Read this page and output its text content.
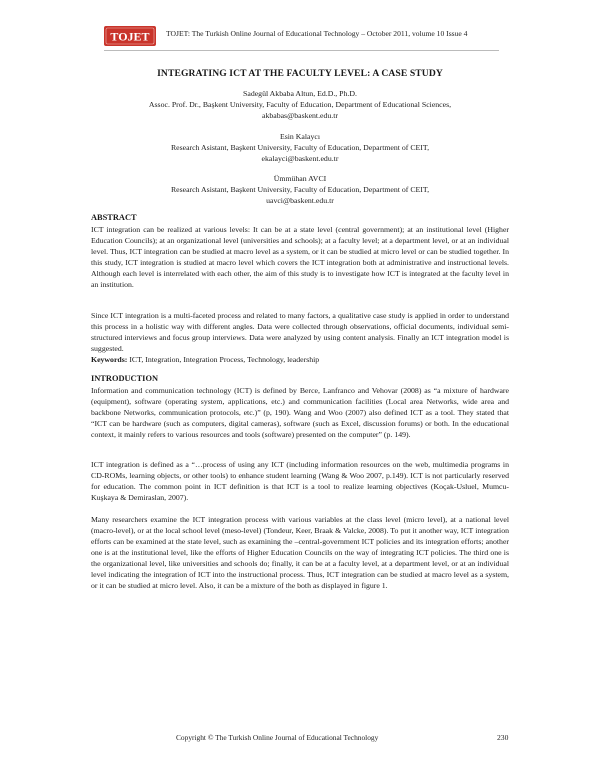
TOJET TOJET: The Turkish Online Journal of Educational Technology – October 2011, volume 10 Issue 4
INTEGRATING ICT AT THE FACULTY LEVEL: A CASE STUDY
Sadegül Akbaba Altun, Ed.D., Ph.D.
Assoc. Prof. Dr., Başkent University, Faculty of Education, Department of Educational Sciences,
akbabas@baskent.edu.tr
Esin Kalaycı
Research Asistant, Başkent University, Faculty of Education, Department of CEIT,
ekalayci@baskent.edu.tr
Ümmühan AVCI
Research Asistant, Başkent University, Faculty of Education, Department of CEIT,
uavci@baskent.edu.tr
ABSTRACT
ICT integration can be realized at various levels: It can be at a state level (central government); at an institutional level (Higher Education Councils); at an organizational level (universities and schools); at a faculty level; at a department level, or at an individual level. Thus, ICT integration can be studied at macro level as a system, or it can be studied at micro level or can be studied together. In this study, ICT integration is studied at macro level which covers the ICT integration both at administrative and instructional levels. Although each level is interrelated with each other, the aim of this study is to investigate how ICT is integrated at the faculty level in an institution.
Since ICT integration is a multi-faceted process and related to many factors, a qualitative case study is applied in order to understand this process in a holistic way with different angles. Data were collected through observations, official documents, individual semi-structured interviews and focus group interviews. Data were analyzed by using content analysis. Finally an ICT integration model is suggested.
Keywords: ICT, Integration, Integration Process, Technology, leadership
INTRODUCTION
Information and communication technology (ICT) is defined by Berce, Lanfranco and Vehovar (2008) as “a mixture of hardware (equipment), software (operating system, applications, etc.) and communication facilities (Local area Networks, wide area and backbone Networks, communication protocols, etc.)” (p, 190). Wang and Woo (2007) also defined ICT as a tool. They stated that “ICT can be hardware (such as computers, digital cameras), software (such as Excel, discussion forums) or both. In the educational context, it mainly refers to various resources and tools (software) presented on the computer” (p. 149).
ICT integration is defined as a “…process of using any ICT (including information resources on the web, multimedia programs in CD-ROMs, learning objects, or other tools) to enhance student learning (Wang & Woo 2007, p.149). ICT is not particularly reserved for education. The common point in ICT definition is that ICT is a tool to realize learning objectives (Koçak-Usluel, Mumcu-Kuşkaya & Demiraslan, 2007).
Many researchers examine the ICT integration process with various variables at the class level (micro level), at a national level (macro-level), or at the local school level (meso-level) (Tondeur, Keer, Braak & Valcke, 2008). To put it another way, ICT integration efforts can be examined at the state level, such as examining the –central-government ICT policies and its integration efforts; another one is at the institutional level, like the efforts of Higher Education Councils on the way of integrating ICT policies. The third one is the organizational level, like universities and schools do; finally, it can be at a faculty level, at a department level, or at an individual level indicating the integration of ICT into the instructional process. Thus, ICT integration can be studied at macro level as a system, or it can be studied at micro level. Also, it can be a mixture of the both as displayed in figure 1.
Copyright © The Turkish Online Journal of Educational Technology	230
